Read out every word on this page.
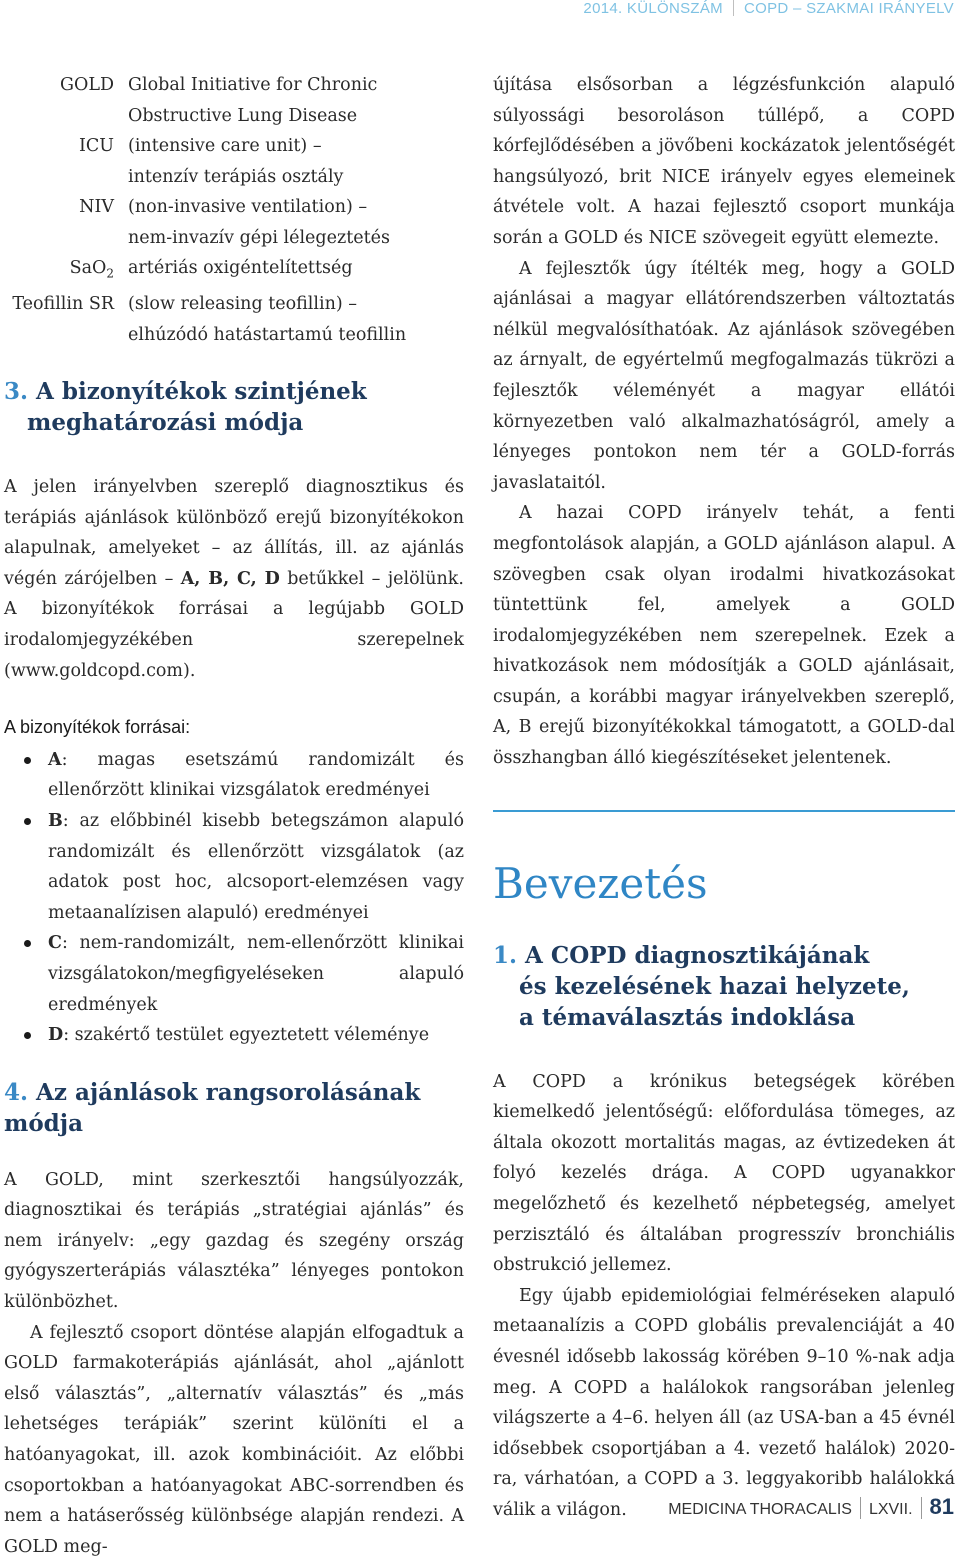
2014. KÜLÖNSZÁM COPD – SZAKMAI IRÁNYELV
GOLD Global Initiative for Chronic
Obstructive Lung Disease
ICU (intensive care unit) –
intenzív terápiás osztály
NIV (non-invasive ventilation) –
nem-invazív gépi lélegeztetés
SaO$_2$ artériás oxigéntelítettség
Teofillin SR (slow releasing teofillin) –
elhúzódó hatástartamú teofillin
3. A bizonyítékok szintjének
meghatározási módja

A jelen irányelvben szereplő diagnosztikus és terápiás ajánlások különböző erejű bizonyítékokon alapulnak, amelyeket – az állítás, ill. az ajánlás végén zárójelben – A, B, C, D betűkkel – jelölünk. A bizonyítékok forrásai a legújabb GOLD irodalomjegyzékében szerepelnek (www.goldcopd.com).

A bizonyítékok forrásai:
A: magas esetszámú randomizált és ellenőrzött klinikai vizsgálatok eredményei
B: az előbbinél kisebb betegszámon alapuló randomizált és ellenőrzött vizsgálatok (az adatok post hoc, alcsoport-elemzésen vagy metaanalízisen alapuló) eredményei
C: nem-randomizált, nem-ellenőrzött klinikai vizsgálatokon/megfigyeléseken alapuló eredmények
D: szakértő testület egyeztetett véleménye
4. Az ajánlások rangsorolásának módja

A GOLD, mint szerkesztői hangsúlyozzák, diagnosztikai és terápiás „stratégiai ajánlás” és nem irányelv: „egy gazdag és szegény ország gyógyszerterápiás választéka” lényeges pontokon különbözhet.

A fejlesztő csoport döntése alapján elfogadtuk a GOLD farmakoterápiás ajánlását, ahol „ajánlott első választás”, „alternatív választás” és „más lehetséges terápiák” szerint különíti el a hatóanyagokat, ill. azok kombinációit. Az előbbi csoportokban a hatóanyagokat ABC-sorrendben és nem a hatáserősség különbsége alapján rendezi. A GOLD meg-

újítása elsősorban a légzésfunkción alapuló súlyossági besoroláson túllépő, a COPD kórfejlődésében a jövőbeni kockázatok jelentőségét hangsúlyozó, brit NICE irányelv egyes elemeinek átvétele volt. A hazai fejlesztő csoport munkája során a GOLD és NICE szövegeit együtt elemezte.

A fejlesztők úgy ítélték meg, hogy a GOLD ajánlásai a magyar ellátórendszerben változtatás nélkül megvalósíthatóak. Az ajánlások szövegében az árnyalt, de egyértelmű megfogalmazás tükrözi a fejlesztők véleményét a magyar ellátói környezetben való alkalmazhatóságról, amely a lényeges pontokon nem tér a GOLD-forrás javaslataitól.

A hazai COPD irányelv tehát, a fenti megfontolások alapján, a GOLD ajánláson alapul. A szövegben csak olyan irodalmi hivatkozásokat tüntettünk fel, amelyek a GOLD irodalomjegyzékében nem szerepelnek. Ezek a hivatkozások nem módosítják a GOLD ajánlásait, csupán, a korábbi magyar irányelvekben szereplő, A, B erejű bizonyítékokkal támogatott, a GOLD-dal összhangban álló kiegészítéseket jelentenek.

Bevezetés
1. A COPD diagnosztikájának
és kezelésének hazai helyzete,
a témaválasztás indoklása

A COPD a krónikus betegségek körében kiemelkedő jelentőségű: előfordulása tömeges, az általa okozott mortalitás magas, az évtizedeken át folyó kezelés drága. A COPD ugyanakkor megelőzhető és kezelhető népbetegség, amelyet perzisztáló és általában progresszív bronchiális obstrukció jellemez.

Egy újabb epidemiológiai felméréseken alapuló metaanalízis a COPD globális prevalenciáját a 40 évesnél idősebb lakosság körében 9–10 %-nak adja meg. A COPD a halálokok rangsorában jelenleg világszerte a 4–6. helyen áll (az USA-ban a 45 évnél idősebbek csoportjában a 4. vezető halálok) 2020-ra, várhatóan, a COPD a 3. leggyakoribb halálokká válik a világon.	MEDICINA THORACALIS LXVII. 81
